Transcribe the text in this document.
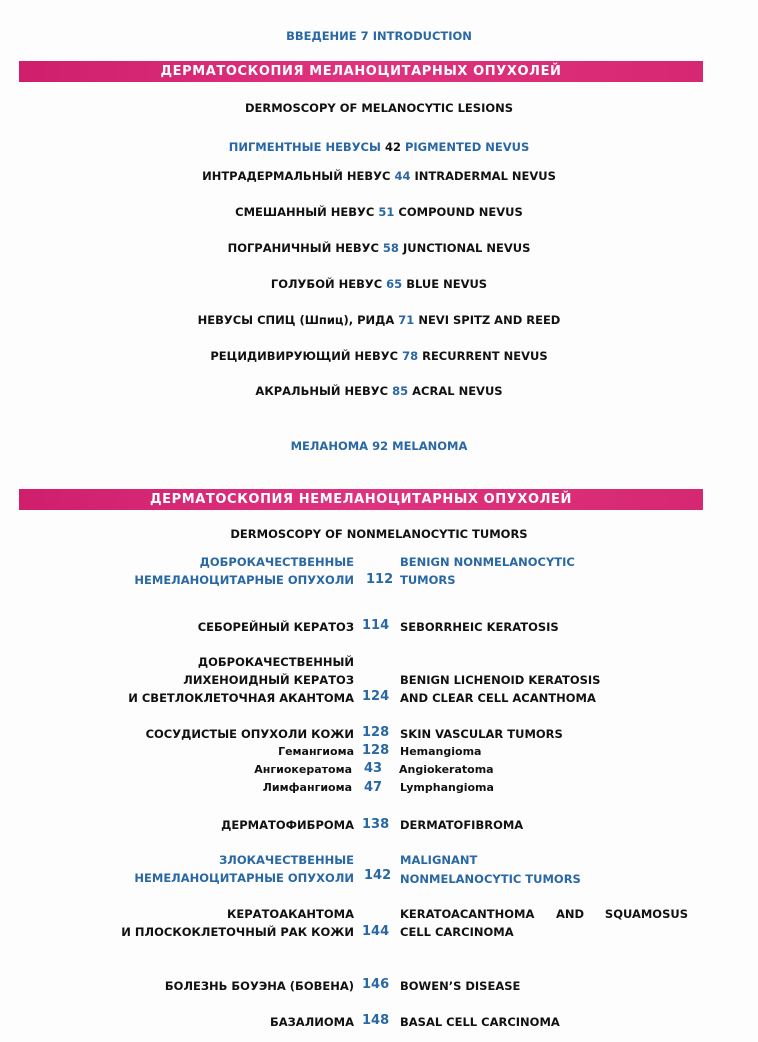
ВВЕДЕНИЕ 7 INTRODUCTION
ДЕРМАТОСКОПИЯ МЕЛАНОЦИТАРНЫХ ОПУХОЛЕЙ
DERMOSCOPY OF MELANOCYTIC LESIONS
ПИГМЕНТНЫЕ НЕВУСЫ 42 PIGMENTED NEVUS
ИНТРАДЕРМАЛЬНЫЙ НЕВУС 44 INTRADERMAL NEVUS
СМЕШАННЫЙ НЕВУС 51 COMPOUND NEVUS
ПОГРАНИЧНЫЙ НЕВУС 58 JUNCTIONAL NEVUS
ГОЛУБОЙ НЕВУС 65 BLUE NEVUS
НЕВУСЫ СПИЦ (Шпиц), РИДА 71 NEVI SPITZ AND REED
РЕЦИДИВИРУЮЩИЙ НЕВУС 78 RECURRENT NEVUS
АКРАЛЬНЫЙ НЕВУС 85 ACRAL NEVUS
МЕЛАНОМА 92 MELANOMA
ДЕРМАТОСКОПИЯ НЕМЕЛАНОЦИТАРНЫХ ОПУХОЛЕЙ
DERMOSCOPY OF NONMELANOCYTIC TUMORS
ДОБРОКАЧЕСТВЕННЫЕ
НЕМЕЛАНОЦИТАРНЫЕ ОПУХОЛИ 112
BENIGN NONMELANOCYTIC
TUMORS
СЕБОРЕЙНЫЙ КЕРАТОЗ 114 SEBORRHEIC KERATOSIS
ДОБРОКАЧЕСТВЕННЫЙ
ЛИХЕНОИДНЫЙ КЕРАТОЗ
И СВЕТЛОКЛЕТОЧНАЯ АКАНТОМА 124
BENIGN LICHENOID KERATOSIS
AND CLEAR CELL ACANTHOMA
СОСУДИСТЫЕ ОПУХОЛИ КОЖИ 128 SKIN VASCULAR TUMORS
Гемангиома 128 Hemangioma
Ангиокератома 43 Angiokeratoma
Лимфангиома 47 Lymphangioma
ДЕРМАТОФИБРОМА 138 DERMATOFIBROMA
ЗЛОКАЧЕСТВЕННЫЕ
НЕМЕЛАНОЦИТАРНЫЕ ОПУХОЛИ 142
MALIGNANT
NONMELANOCYTIC TUMORS
КЕРАТОАКАНТОМА
И ПЛОСКОКЛЕТОЧНЫЙ РАК КОЖИ 144
KERATOACANTHOMA AND SQUAMOSUS
CELL CARCINOMA
БОЛЕЗНЬ БОУЭНА (БОВЕНА) 146 BOWEN’S DISEASE
БАЗАЛИОМА 148 BASAL CELL CARCINOMA
